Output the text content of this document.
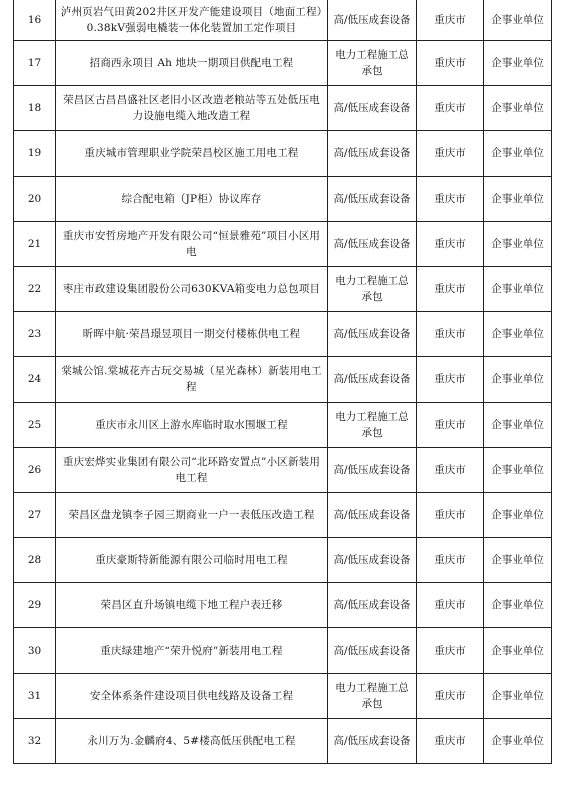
16	泸州页岩气田黄202井区开发产能建设项目（地面工程）0.38kV强弱电橇装一体化装置加工定作项目	高/低压成套设备	重庆市	企事业单位
17	招商西永项目 Ah 地块一期项目供配电工程	电力工程施工总承包	重庆市	企事业单位
18	荣昌区古昌昌盛社区老旧小区改造老粮站等五处低压电力设施电缆入地改造工程	高/低压成套设备	重庆市	企事业单位
19	重庆城市管理职业学院荣昌校区施工用电工程	高/低压成套设备	重庆市	企事业单位
20	综合配电箱（JP柜）协议库存	高/低压成套设备	重庆市	企事业单位
21	重庆市安哲房地产开发有限公司“恒景雅苑”项目小区用电	高/低压成套设备	重庆市	企事业单位
22	枣庄市政建设集团股份公司630KVA箱变电力总包项目	电力工程施工总承包	重庆市	企事业单位
23	昕晖中航·荣昌璟昱项目一期交付楼栋供电工程	高/低压成套设备	重庆市	企事业单位
24	棠城公馆.棠城花卉古玩交易城（星光森林）新装用电工程	高/低压成套设备	重庆市	企事业单位
25	重庆市永川区上游水库临时取水围堰工程	电力工程施工总承包	重庆市	企事业单位
26	重庆宏烨实业集团有限公司“北环路安置点”小区新装用电工程	高/低压成套设备	重庆市	企事业单位
27	荣昌区盘龙镇李子园三期商业一户一表低压改造工程	高/低压成套设备	重庆市	企事业单位
28	重庆豪斯特新能源有限公司临时用电工程	高/低压成套设备	重庆市	企事业单位
29	荣昌区直升场镇电缆下地工程户表迁移	高/低压成套设备	重庆市	企事业单位
30	重庆绿建地产“荣升悦府”新装用电工程	高/低压成套设备	重庆市	企事业单位
31	安全体系条件建设项目供电线路及设备工程	电力工程施工总承包	重庆市	企事业单位
32	永川万为.金麟府4、5#楼高低压供配电工程	高/低压成套设备	重庆市	企事业单位
